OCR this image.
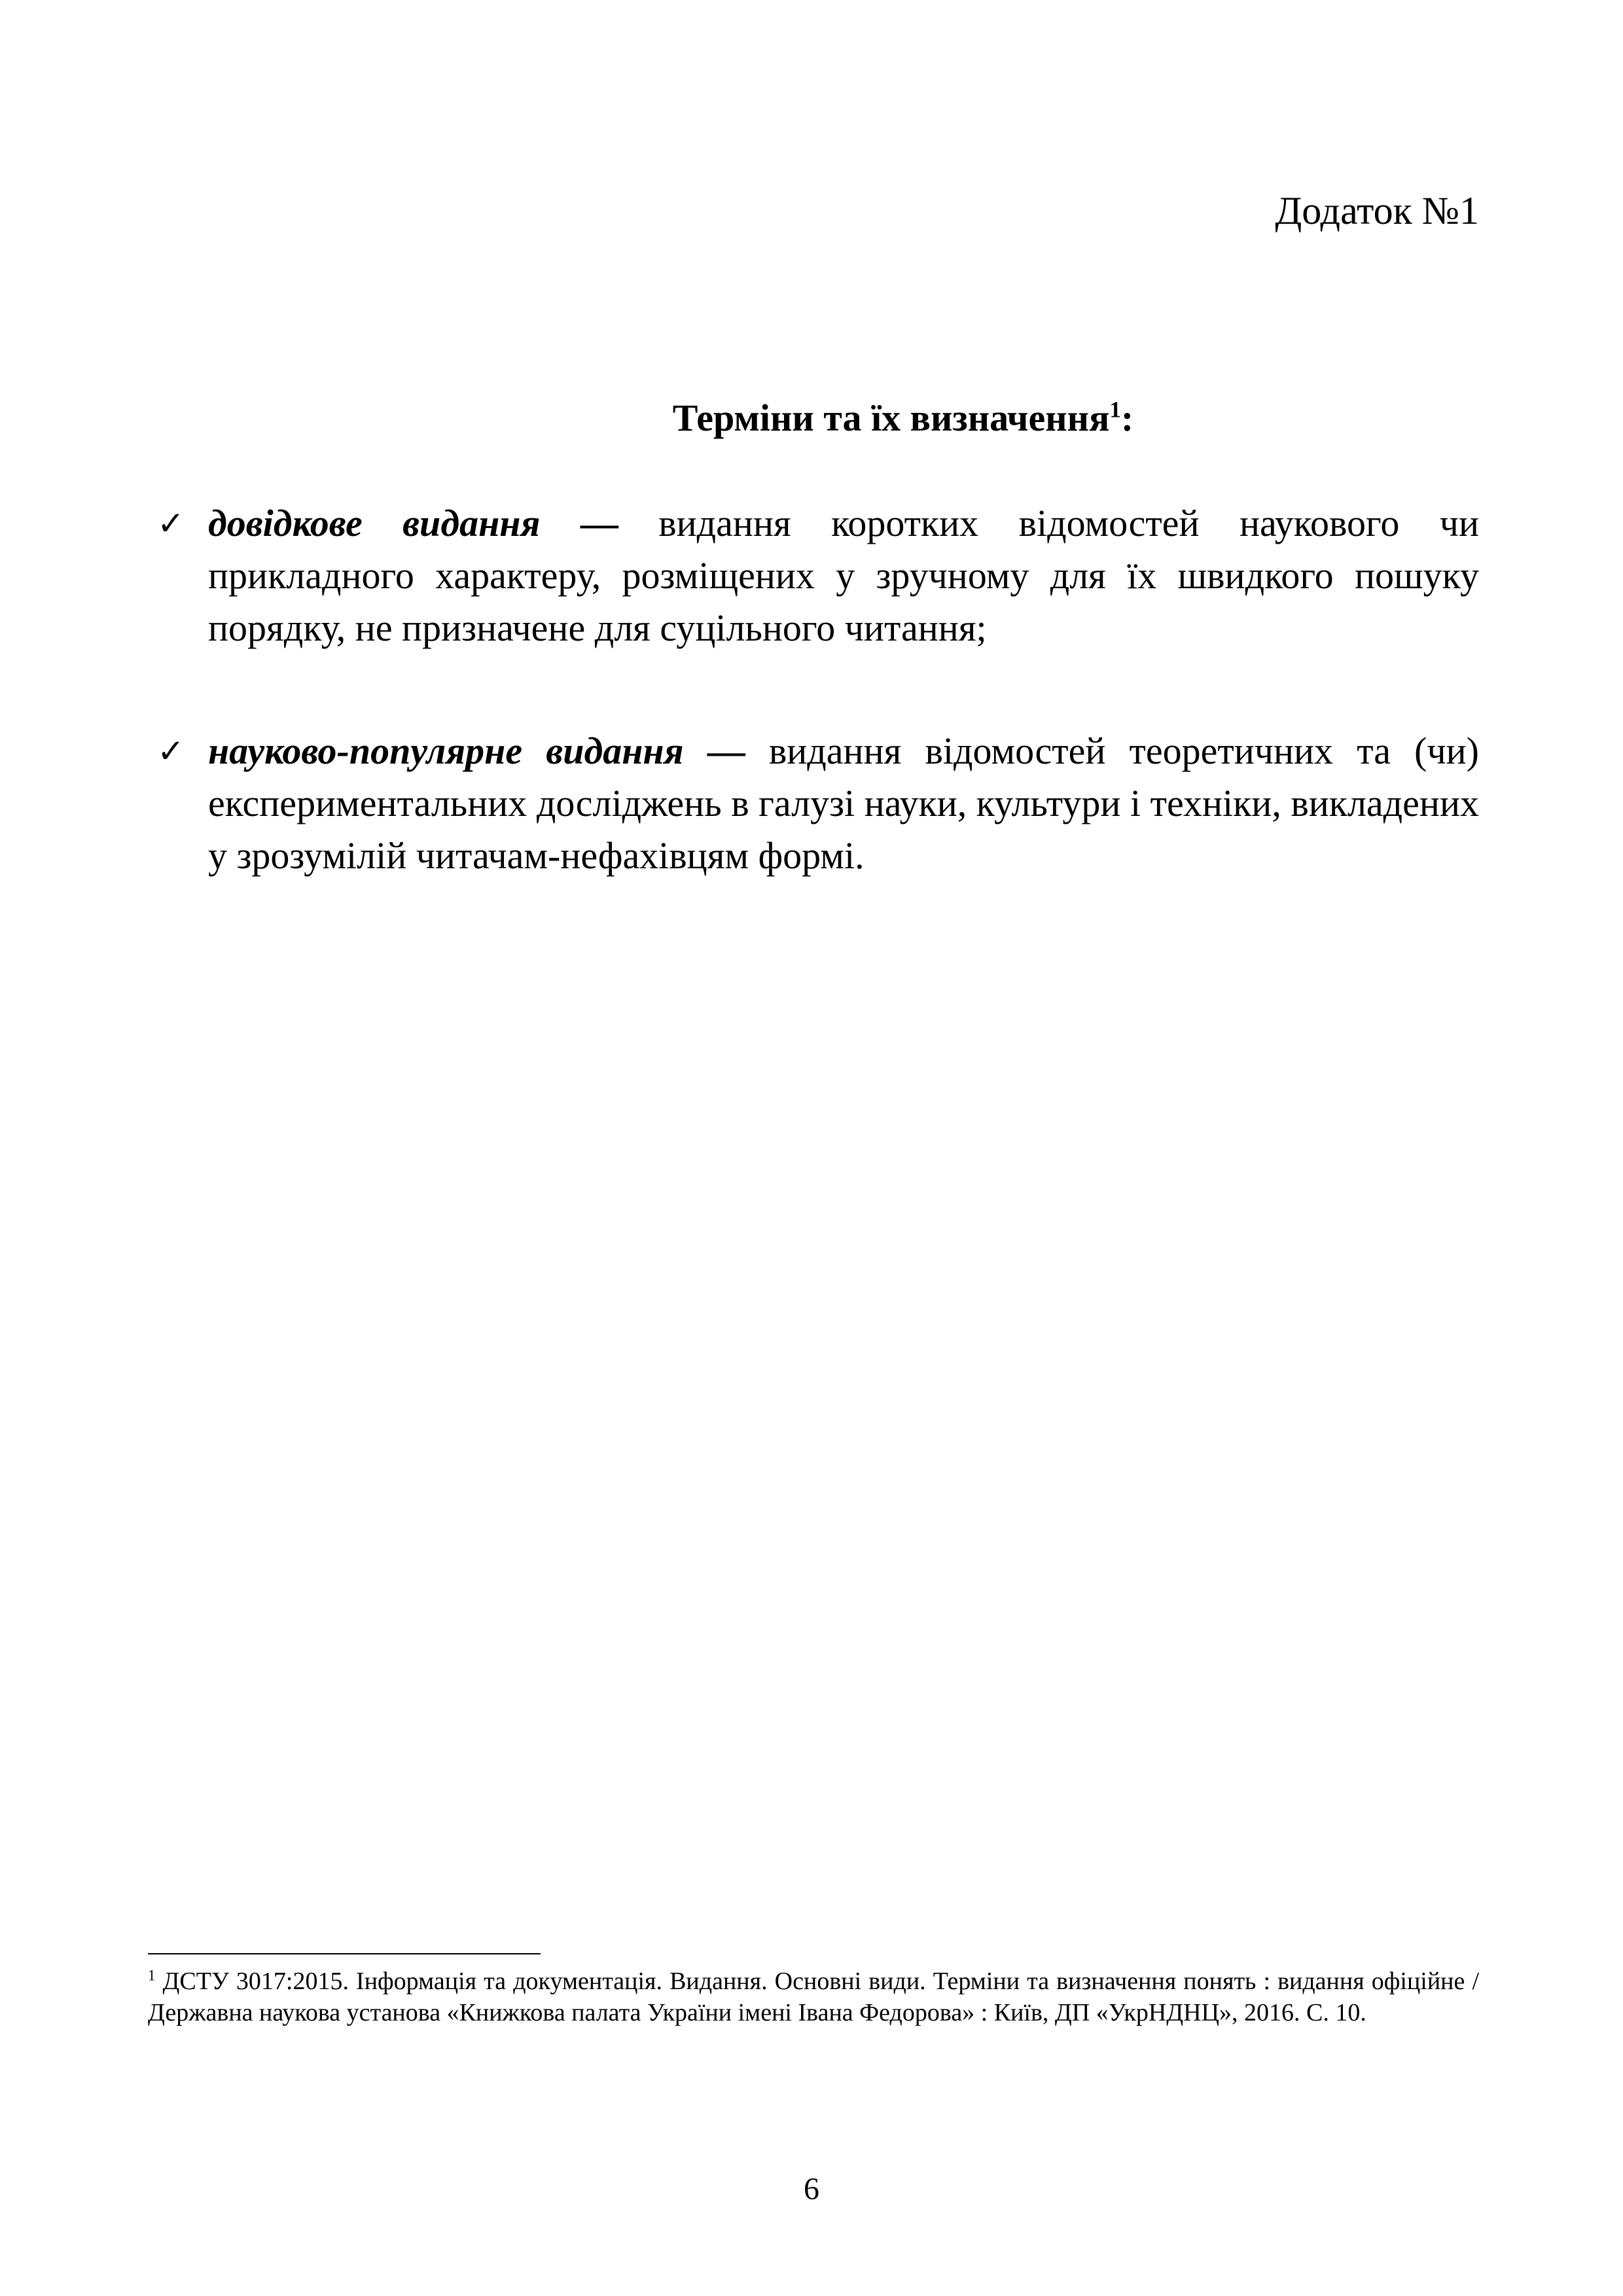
Додаток №1
Терміни та їх визначення$^1$:
✓ довідкове видання — видання коротких відомостей наукового чи прикладного характеру, розміщених у зручному для їх швидкого пошуку порядку, не призначене для суцільного читання;
✓ науково-популярне видання — видання відомостей теоретичних та (чи) експериментальних досліджень в галузі науки, культури і техніки, викладених у зрозумілій читачам-нефахівцям формі.
$^1$ ДСТУ 3017:2015. Інформація та документація. Видання. Основні види. Терміни та визначення понять : видання офіційне / Державна наукова установа «Книжкова палата України імені Івана Федорова» : Київ, ДП «УкрНДНЦ», 2016. С. 10.
6
